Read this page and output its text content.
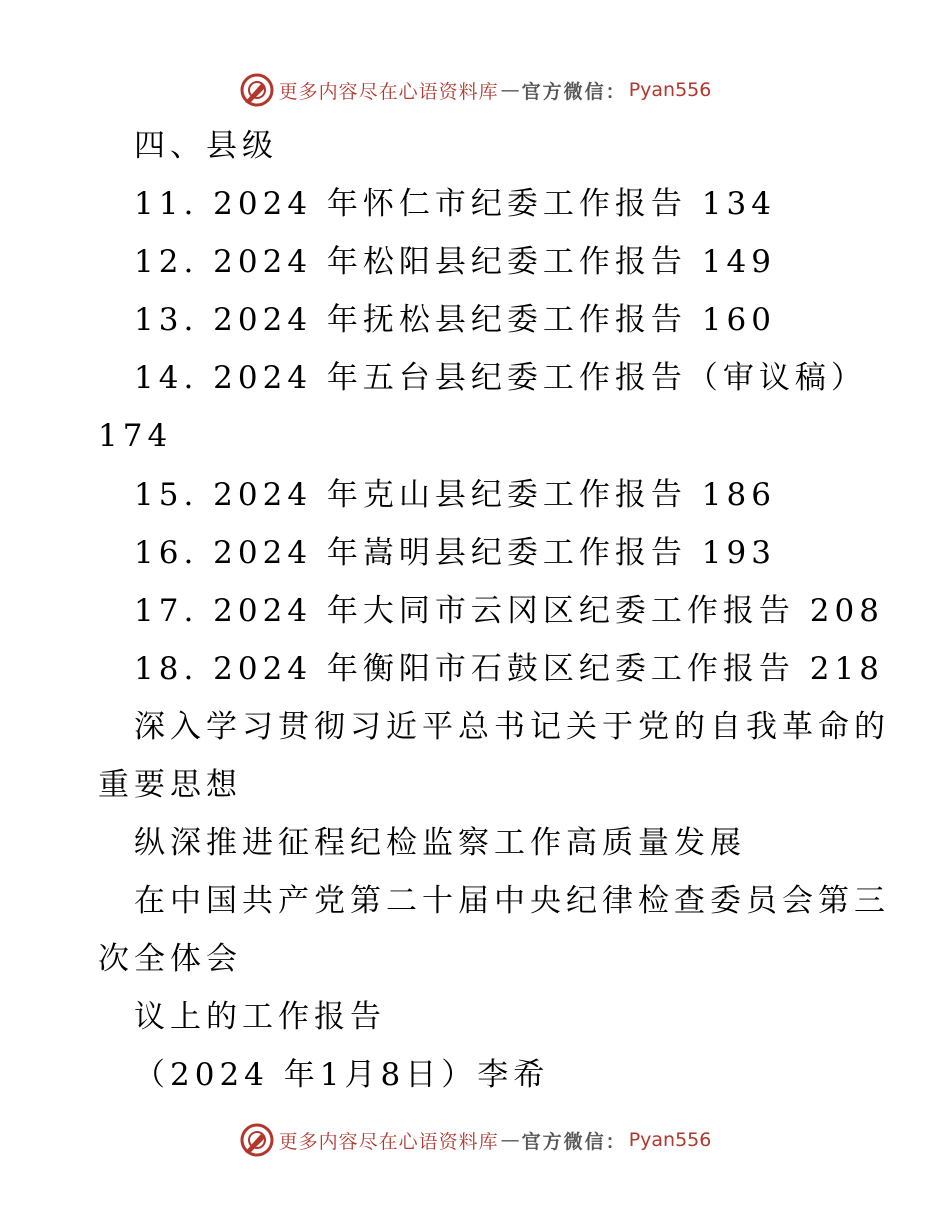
更多内容尽在心语资料库 — 官方微信： Pyan556
四、县级
11. 2024 年怀仁市纪委工作报告 134
12. 2024 年松阳县纪委工作报告 149
13. 2024 年抚松县纪委工作报告 160
14. 2024 年五台县纪委工作报告（审议稿）
174
15. 2024 年克山县纪委工作报告 186
16. 2024 年嵩明县纪委工作报告 193
17. 2024 年大同市云冈区纪委工作报告 208
18. 2024 年衡阳市石鼓区纪委工作报告 218
深入学习贯彻习近平总书记关于党的自我革命的
重要思想
纵深推进征程纪检监察工作高质量发展
在中国共产党第二十届中央纪律检查委员会第三
次全体会
议上的工作报告
（2024 年1月8日）李希
更多内容尽在心语资料库 — 官方微信： Pyan556
